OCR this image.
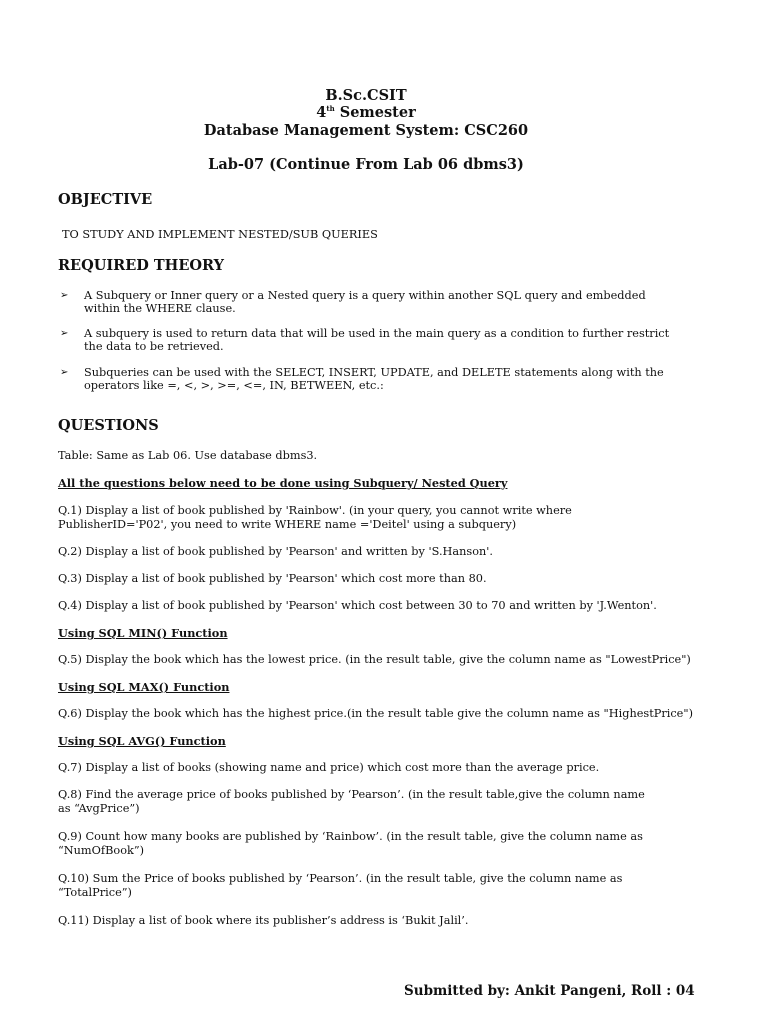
B.Sc.CSIT
4th Semester
Database Management System: CSC260
Lab-07 (Continue From Lab 06 dbms3)
OBJECTIVE
TO STUDY AND IMPLEMENT NESTED/SUB QUERIES
REQUIRED THEORY
➢ A Subquery or Inner query or a Nested query is a query within another SQL query and embedded within the WHERE clause.
➢ A subquery is used to return data that will be used in the main query as a condition to further restrict the data to be retrieved.
➢ Subqueries can be used with the SELECT, INSERT, UPDATE, and DELETE statements along with the operators like =, <, >, >=, <=, IN, BETWEEN, etc.:
QUESTIONS
Table: Same as Lab 06. Use database dbms3.
All the questions below need to be done using Subquery/ Nested Query
Q.1) Display a list of book published by 'Rainbow'. (in your query, you cannot write where PublisherID='P02', you need to write WHERE name ='Deitel' using a subquery)
Q.2) Display a list of book published by 'Pearson' and written by 'S.Hanson'.
Q.3) Display a list of book published by 'Pearson' which cost more than 80.
Q.4) Display a list of book published by 'Pearson' which cost between 30 to 70 and written by 'J.Wenton'.
Using SQL MIN() Function
Q.5) Display the book which has the lowest price. (in the result table, give the column name as "LowestPrice")
Using SQL MAX() Function
Q.6) Display the book which has the highest price.(in the result table give the column name as "HighestPrice")
Using SQL AVG() Function
Q.7) Display a list of books (showing name and price) which cost more than the average price.
Q.8) Find the average price of books published by ‘Pearson’. (in the result table,give the column name as “AvgPrice”)
Q.9) Count how many books are published by ‘Rainbow’. (in the result table, give the column name as “NumOfBook”)
Q.10) Sum the Price of books published by ‘Pearson’. (in the result table, give the column name as “TotalPrice”)
Q.11) Display a list of book where its publisher’s address is ‘Bukit Jalil’.
Submitted by: Ankit Pangeni, Roll : 04
